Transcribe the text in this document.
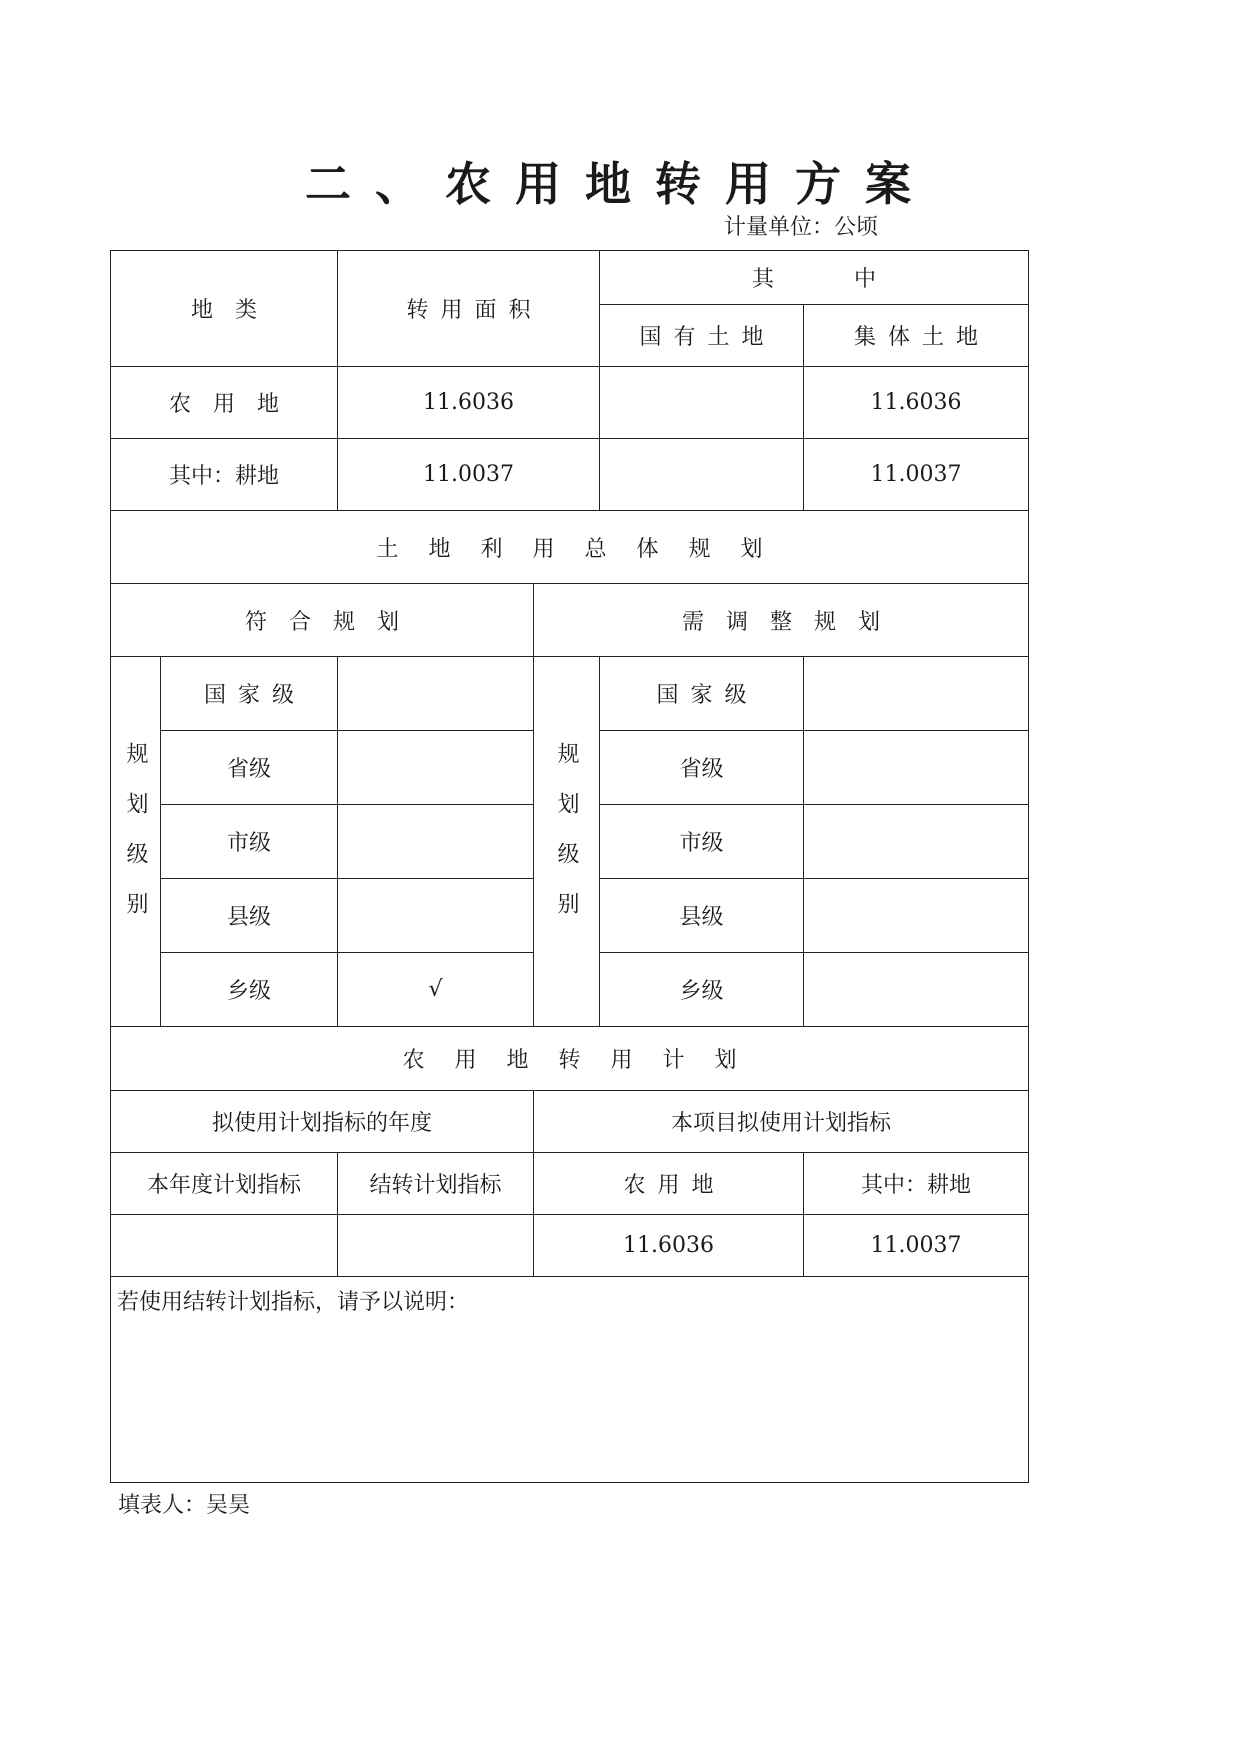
二、农用地转用方案
计量单位：公顷
地类		转用面积		其中	
				国有土地	集体土地
农用地		11.6036			11.6036
其中：耕地		11.0037			11.0037
土地利用总体规划					
符合规划			需调整规划		

规划级别	国家级		规划级别	国家级	
	省级			省级	
	市级			市级	
	县级			县级	
	乡级	√		乡级	
农用地转用计划					
拟使用计划指标的年度			本项目拟使用计划指标		
本年度计划指标		结转计划指标	农用地		其中：耕地
			11.6036		11.0037
若使用结转计划指标，请予以说明：					
填表人：吴昊
